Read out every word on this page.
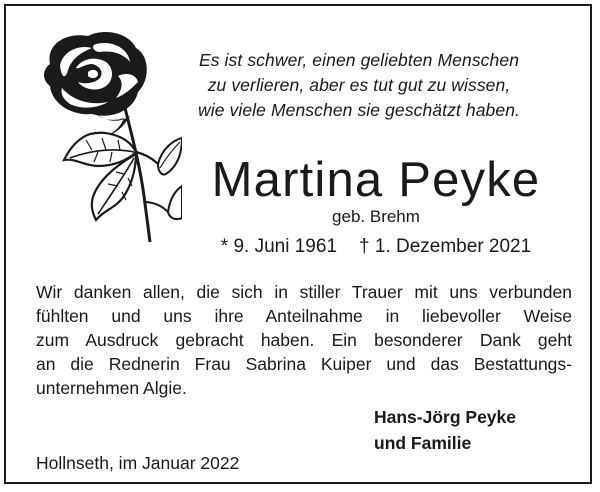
Es ist schwer, einen geliebten Menschen
zu verlieren, aber es tut gut zu wissen,
wie viele Menschen sie geschätzt haben.
Martina Peyke
geb. Brehm
* 9. Juni 1961 † 1. Dezember 2021
Wir danken allen, die sich in stiller Trauer mit uns verbunden
fühlten und uns ihre Anteilnahme in liebevoller Weise
zum Ausdruck gebracht haben. Ein besonderer Dank geht
an die Rednerin Frau Sabrina Kuiper und das Bestattungs-
unternehmen Algie.
Hans-Jörg Peyke
und Familie
Hollnseth, im Januar 2022
